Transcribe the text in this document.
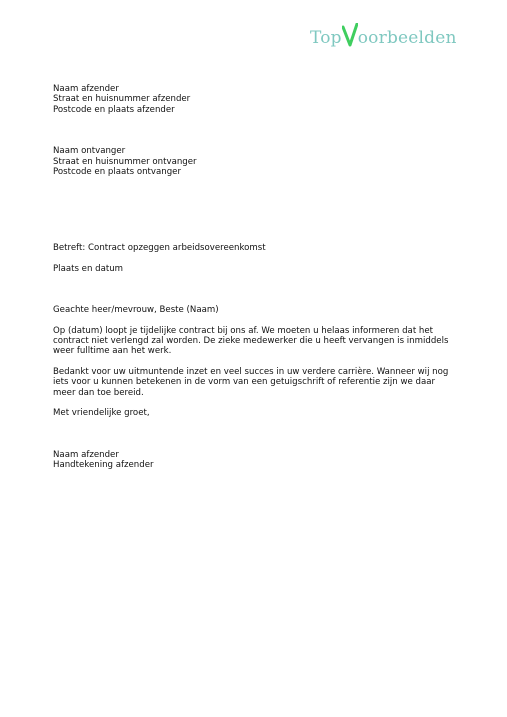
Top oorbeelden
Naam afzender
Straat en huisnummer afzender
Postcode en plaats afzender
Naam ontvanger
Straat en huisnummer ontvanger
Postcode en plaats ontvanger
Betreft: Contract opzeggen arbeidsovereenkomst
Plaats en datum
Geachte heer/mevrouw, Beste (Naam)
Op (datum) loopt je tijdelijke contract bij ons af. We moeten u helaas informeren dat het contract niet verlengd zal worden. De zieke medewerker die u heeft vervangen is inmiddels weer fulltime aan het werk.
Bedankt voor uw uitmuntende inzet en veel succes in uw verdere carrière. Wanneer wij nog iets voor u kunnen betekenen in de vorm van een getuigschrift of referentie zijn we daar meer dan toe bereid.
Met vriendelijke groet,
Naam afzender
Handtekening afzender
